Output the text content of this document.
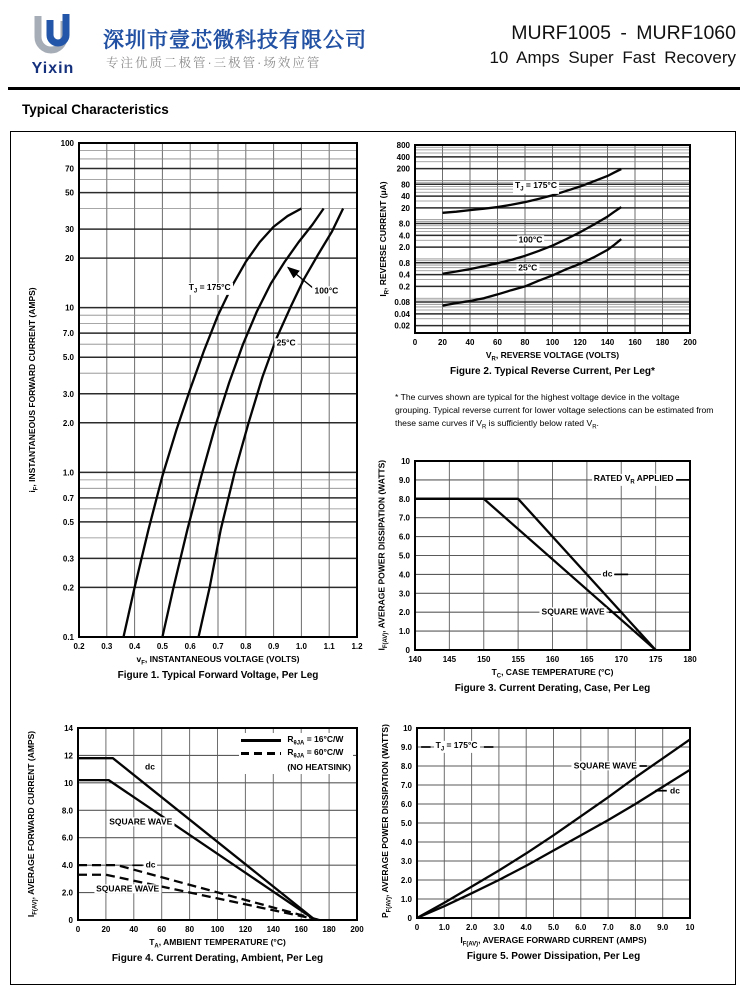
Yixin
深圳市壹芯微科技有限公司
专注优质二极管·三极管·场效应管
MURF1005 - MURF1060
10 Amps Super Fast Recovery
Typical Characteristics
0.2 0.3 0.4 0.5 0.6 0.7 0.8 0.9 1.0 1.1 1.2
100
70
50
30
20
10
7.0
5.0
3.0
2.0
1.0
0.7
0.5
0.3
0.2
0.1
$T_J = 175^\circ C$	100°C
25°C	0	20 40 60 80 100 120 140 160 180 200
800
400
200
80
40
20
8.0
4.0
2.0
0.8
0.4
0.2
0.08
0.04
0.02
$T_J = 175^\circ C$
100°C
25°C
140	145	150	155	160	165	170	175	180
10
9.0
8.0
7.0
6.0
5.0
4.0
3.0
2.0
1.0
0
RATED $V_R$ APPLIED
dc
SQUARE WAVE
0	20 40 60 80 100 120 140 160 180 200
14
12
10
8.0
6.0
4.0
2.0
0
dc
SQUARE WAVE
dc
SQUARE WAVE
$R_{\theta JA} = 16^\circ C/W$
$R_{\theta JA} = 60^\circ C/W$
(NO HEATSINK)
0 1.0 2.0 3.0 4.0 5.0 6.0 7.0 8.0 9.0 10
10
9.0
8.0
7.0
6.0
5.0
4.0
3.0
2.0
1.0
0
$T_J = 175^\circ C$
SQUARE WAVE
dc
* The curves shown are typical for the highest voltage device in the voltage grouping. Typical reverse current for lower voltage selections can be estimated from these same curves if $V_R$ is sufficiently below rated $V_R$.
$v_F$, INSTANTANEOUS VOLTAGE (VOLTS)
$i_F$, INSTANTANEOUS FORWARD CURRENT (AMPS)
Figure 1. Typical Forward Voltage, Per Leg
$V_R$, REVERSE VOLTAGE (VOLTS)
$I_R$, REVERSE CURRENT (μA)
Figure 2. Typical Reverse Current, Per Leg*
$T_C$, CASE TEMPERATURE (°C)
$I_{F(AV)}$, AVERAGE POWER DISSIPATION (WATTS)
Figure 3. Current Derating, Case, Per Leg
$T_A$, AMBIENT TEMPERATURE (°C)
$I_{F(AV)}$, AVERAGE FORWARD CURRENT (AMPS)
Figure 4. Current Derating, Ambient, Per Leg
$I_{F(AV)}$, AVERAGE FORWARD CURRENT (AMPS)
$P_{F(AV)}$, AVERAGE POWER DISSIPATION (WATTS)
Figure 5. Power Dissipation, Per Leg
